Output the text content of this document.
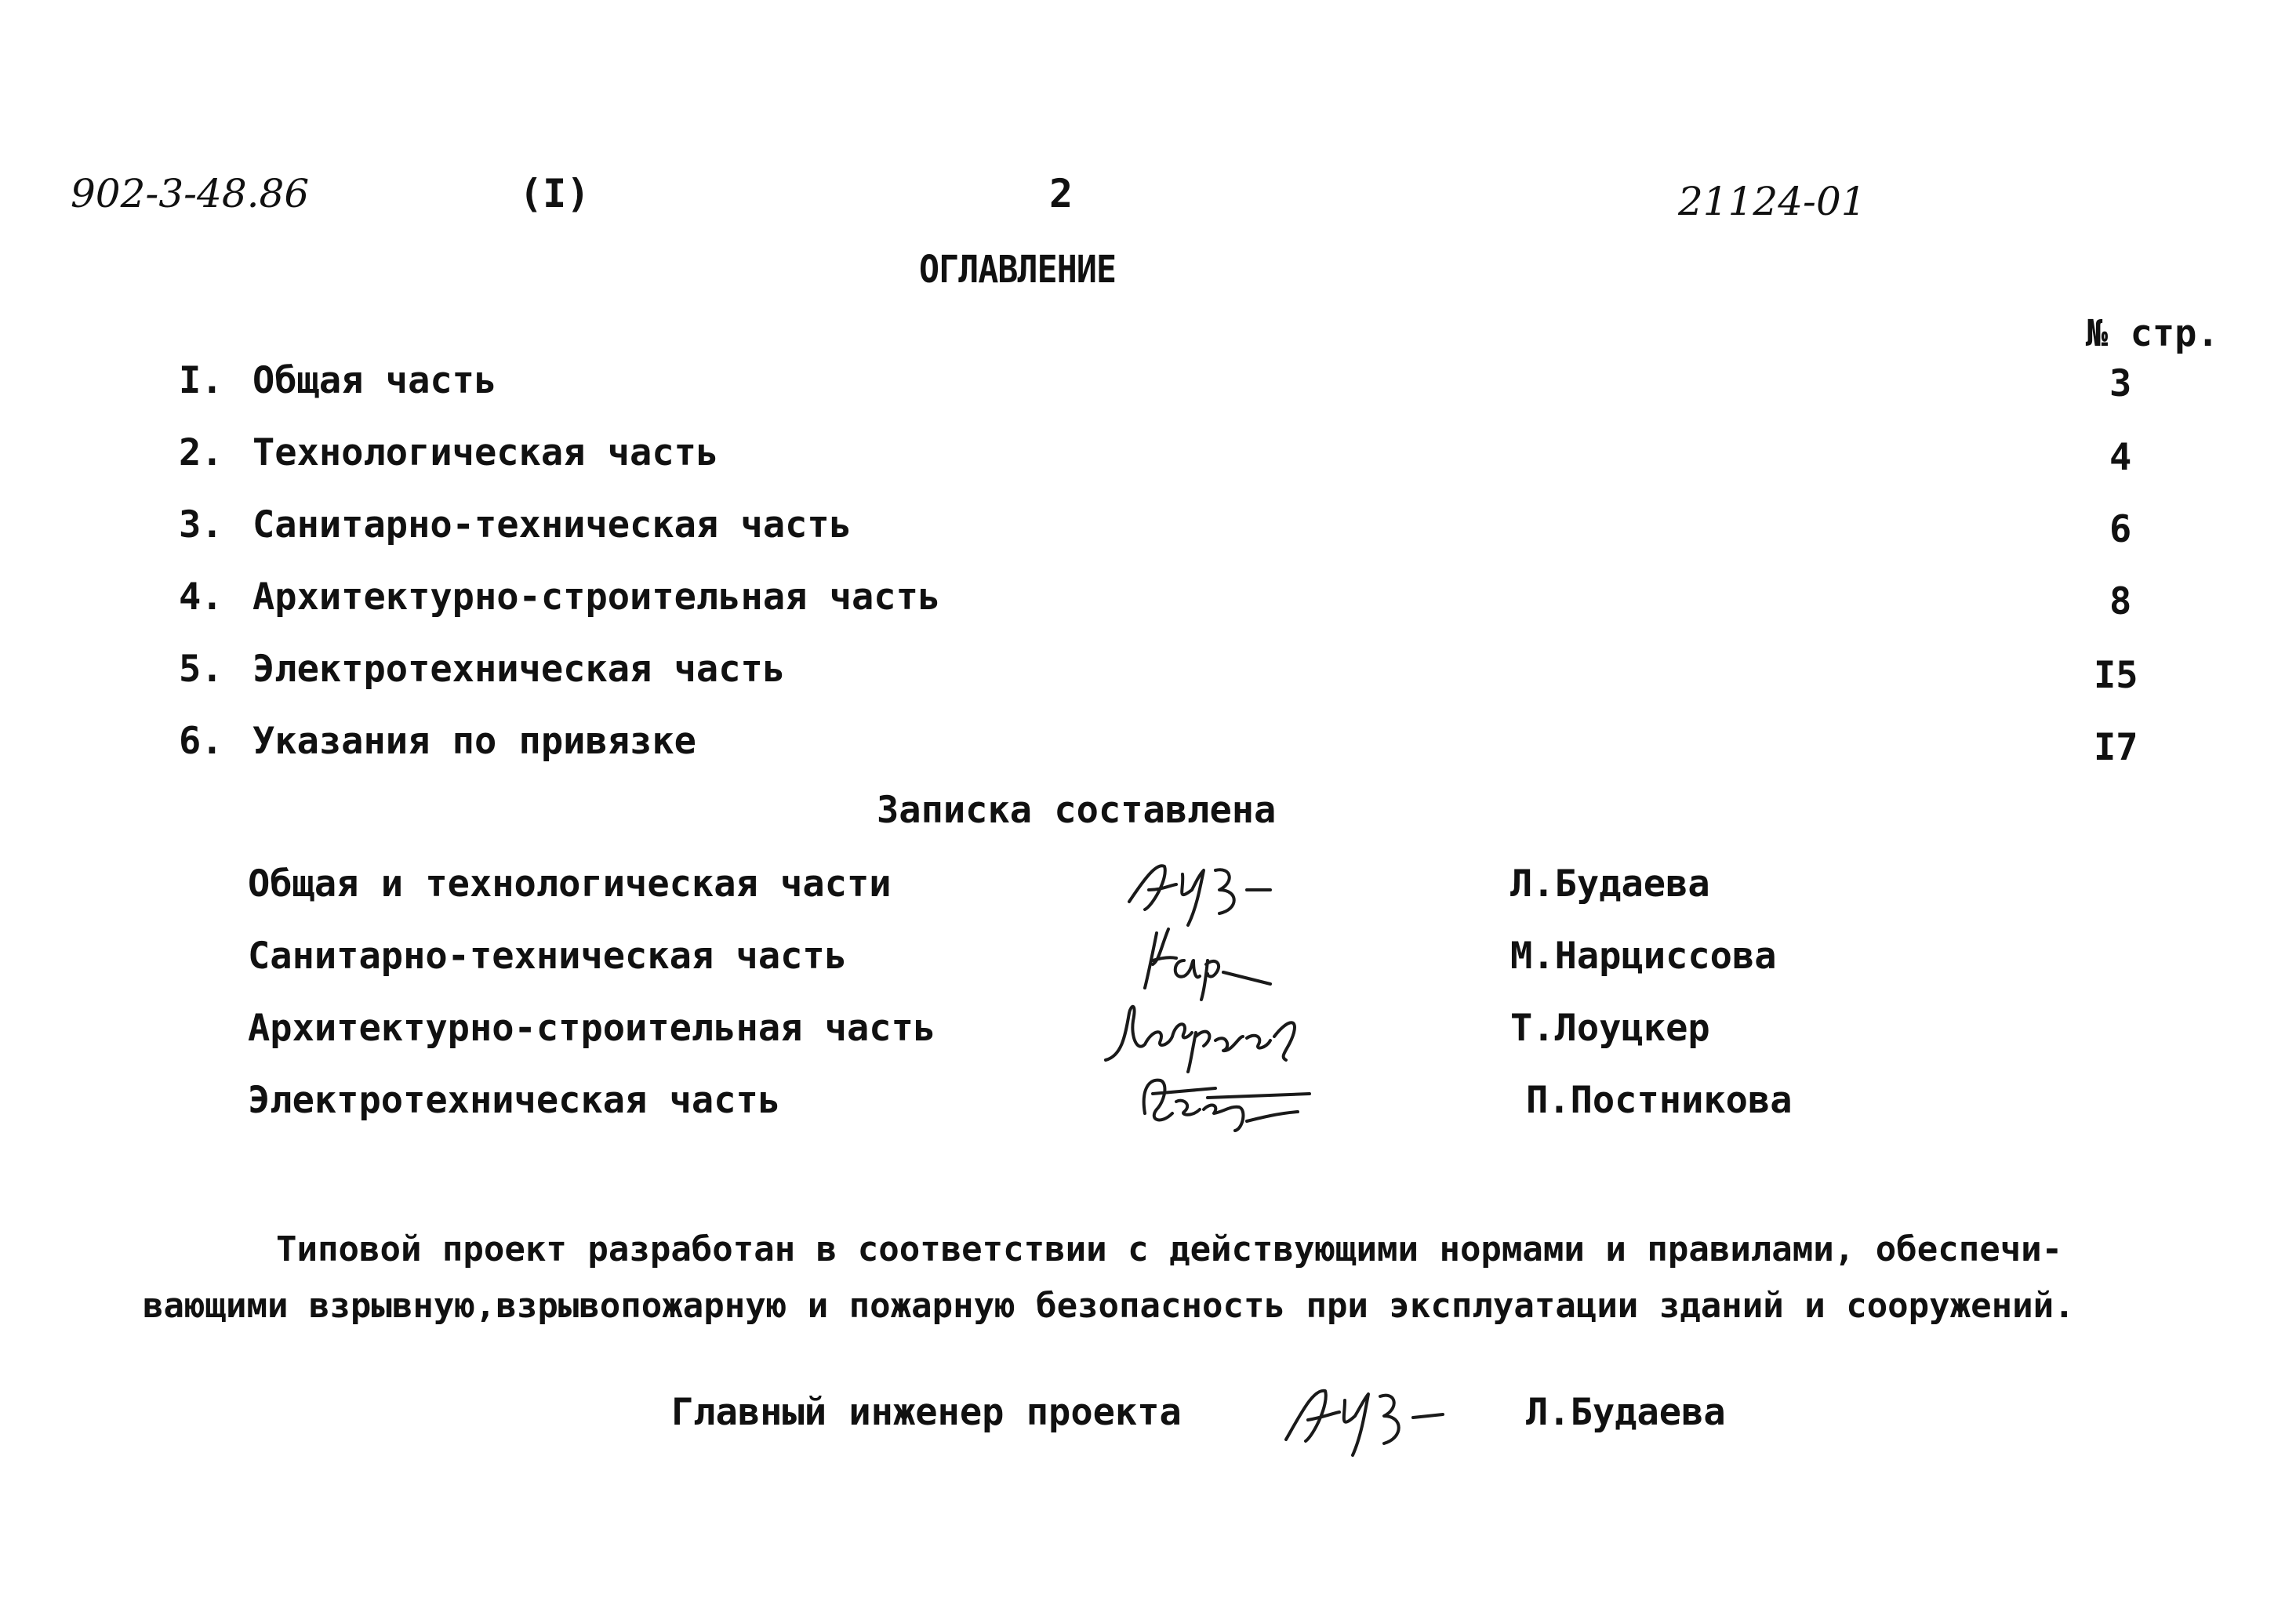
902-3-48.86	(I)	2	21124-01
ОГЛАВЛЕНИЕ
№ стр.
I. Общая часть	3
2. Технологическая часть	4
3. Санитарно-техническая часть	6
4. Архитектурно-строительная часть	8
5. Электротехническая часть	I5
6. Указания по привязке	I7
Записка составлена
Общая и технологическая части	Л.Будаева
Санитарно-техническая часть	М.Нарциссова
Архитектурно-строительная часть	Т.Лоуцкер
Электротехническая часть	П.Постникова
Типовой проект разработан в соответствии с действующими нормами и правилами, обеспечи-
вающими взрывную,взрывопожарную и пожарную безопасность при эксплуатации зданий и сооружений.
Главный инженер проекта	Л.Будаева
